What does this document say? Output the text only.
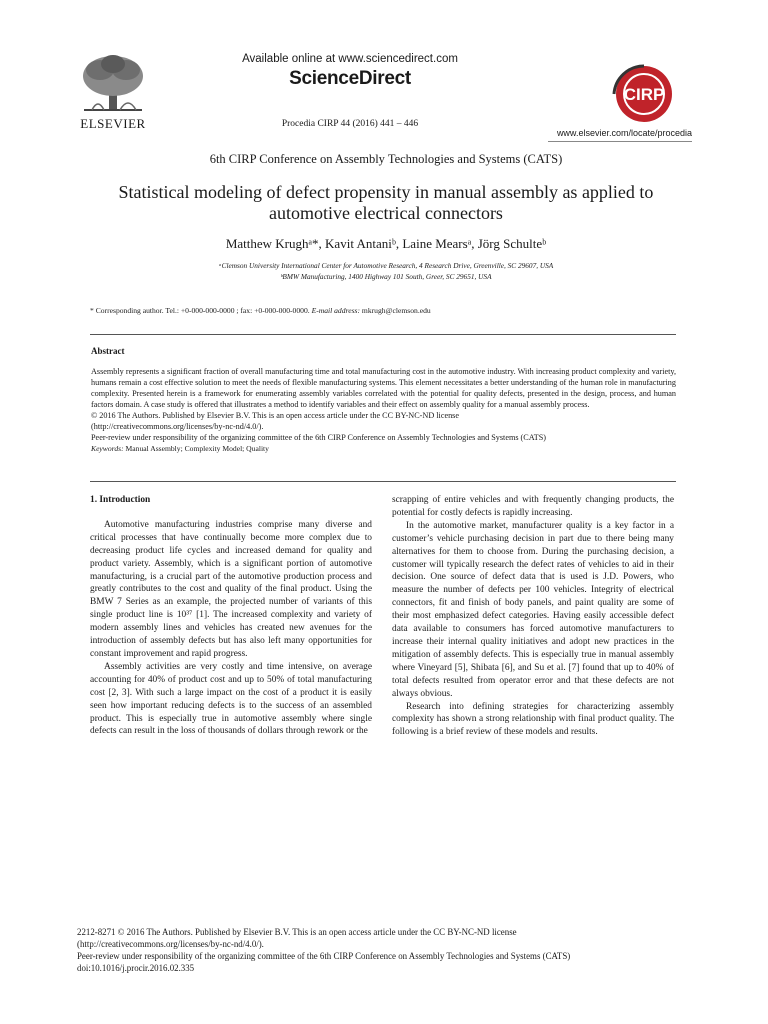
ELSEVIER
Available online at www.sciencedirect.com
ScienceDirect
Procedia CIRP 44 (2016) 441 – 446
CIRP
www.elsevier.com/locate/procedia
6th CIRP Conference on Assembly Technologies and Systems (CATS)
Statistical modeling of defect propensity in manual assembly as applied to automotive electrical connectors
Matthew Krughᵃ*, Kavit Antaniᵇ, Laine Mearsᵃ, Jörg Schulteᵇ
ᵃClemson University International Center for Automotive Research, 4 Research Drive, Greenville, SC 29607, USA
ᵇBMW Manufacturing, 1400 Highway 101 South, Greer, SC 29651, USA
* Corresponding author. Tel.: +0-000-000-0000 ; fax: +0-000-000-0000. E-mail address: mkrugh@clemson.edu
Abstract

Assembly represents a significant fraction of overall manufacturing time and total manufacturing cost in the automotive industry. With increasing product complexity and variety, humans remain a cost effective solution to meet the needs of flexible manufacturing systems. This element necessitates a better understanding of the human role in manufacturing complexity. Presented herein is a framework for enumerating assembly variables correlated with the potential for quality defects, presented in the design, process, and human factors domain. A case study is offered that illustrates a method to identify variables and their effect on assembly quality for a manual assembly process.

© 2016 The Authors. Published by Elsevier B.V. This is an open access article under the CC BY-NC-ND license

(http://creativecommons.org/licenses/by-nc-nd/4.0/).

Peer-review under responsibility of the organizing committee of the 6th CIRP Conference on Assembly Technologies and Systems (CATS)

Keywords: Manual Assembly; Complexity Model; Quality

1. Introduction

Automotive manufacturing industries comprise many diverse and critical processes that have continually become more complex due to decreasing product life cycles and increased demand for quality and product variety. Assembly, which is a significant portion of automotive manufacturing, is a crucial part of the automotive production process and greatly contributes to the cost and quality of the final product. Using the BMW 7 Series as an example, the projected number of variants of this single product line is 10³⁷ [1]. The increased complexity and variety of modern assembly lines and vehicles has created new avenues for the introduction of assembly defects but has also left many opportunities for constant improvement and rapid progress.

Assembly activities are very costly and time intensive, on average accounting for 40% of product cost and up to 50% of total manufacturing cost [2, 3]. With such a large impact on the cost of a product it is easily seen how important reducing defects is to the success of an assembled product. This is especially true in automotive assembly where single defects can result in the loss of thousands of dollars through rework or the

scrapping of entire vehicles and with frequently changing products, the potential for costly defects is rapidly increasing.

In the automotive market, manufacturer quality is a key factor in a customer’s vehicle purchasing decision in part due to there being many alternatives for them to choose from. During the purchasing decision, a customer will typically research the defect rates of vehicles to aid in their decision. One source of defect data that is used is J.D. Powers, who measure the number of defects per 100 vehicles. Integrity of electrical connectors, fit and finish of body panels, and paint quality are some of their most emphasized defect categories. Having easily accessible defect data available to consumers has forced automotive manufacturers to increase their internal quality initiatives and adopt new practices in the mitigation of assembly defects. This is especially true in manual assembly where Vineyard [5], Shibata [6], and Su et al. [7] found that up to 40% of total defects resulted from operator error and that these defects are not always obvious.

Research into defining strategies for characterizing assembly complexity has shown a strong relationship with final product quality. The following is a brief review of these models and results.

2212-8271 © 2016 The Authors. Published by Elsevier B.V. This is an open access article under the CC BY-NC-ND license

(http://creativecommons.org/licenses/by-nc-nd/4.0/).

Peer-review under responsibility of the organizing committee of the 6th CIRP Conference on Assembly Technologies and Systems (CATS)

doi:10.1016/j.procir.2016.02.335
